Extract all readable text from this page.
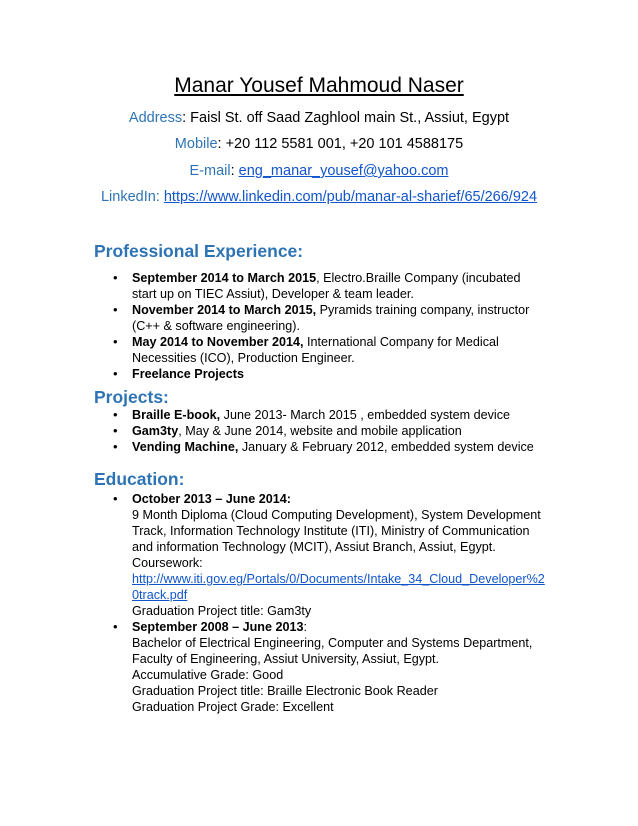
Manar Yousef Mahmoud Naser
Address: Faisl St. off Saad Zaghlool main St., Assiut, Egypt
Mobile: +20 112 5581 001, +20 101 4588175
E-mail: eng_manar_yousef@yahoo.com
LinkedIn: https://www.linkedin.com/pub/manar-al-sharief/65/266/924
Professional Experience:
• September 2014 to March 2015, Electro.Braille Company (incubated
start up on TIEC Assiut), Developer & team leader.
• November 2014 to March 2015, Pyramids training company, instructor
(C++ & software engineering).
• May 2014 to November 2014, International Company for Medical
Necessities (ICO), Production Engineer.
• Freelance Projects
Projects:
• Braille E-book, June 2013- March 2015 , embedded system device
• Gam3ty, May & June 2014, website and mobile application
• Vending Machine, January & February 2012, embedded system device
Education:
• October 2013 – June 2014:
9 Month Diploma (Cloud Computing Development), System Development
Track, Information Technology Institute (ITI), Ministry of Communication
and information Technology (MCIT), Assiut Branch, Assiut, Egypt.
Coursework:
http://www.iti.gov.eg/Portals/0/Documents/Intake_34_Cloud_Developer%2
0track.pdf
Graduation Project title: Gam3ty
• September 2008 – June 2013:
Bachelor of Electrical Engineering, Computer and Systems Department,
Faculty of Engineering, Assiut University, Assiut, Egypt.
Accumulative Grade: Good
Graduation Project title: Braille Electronic Book Reader
Graduation Project Grade: Excellent
